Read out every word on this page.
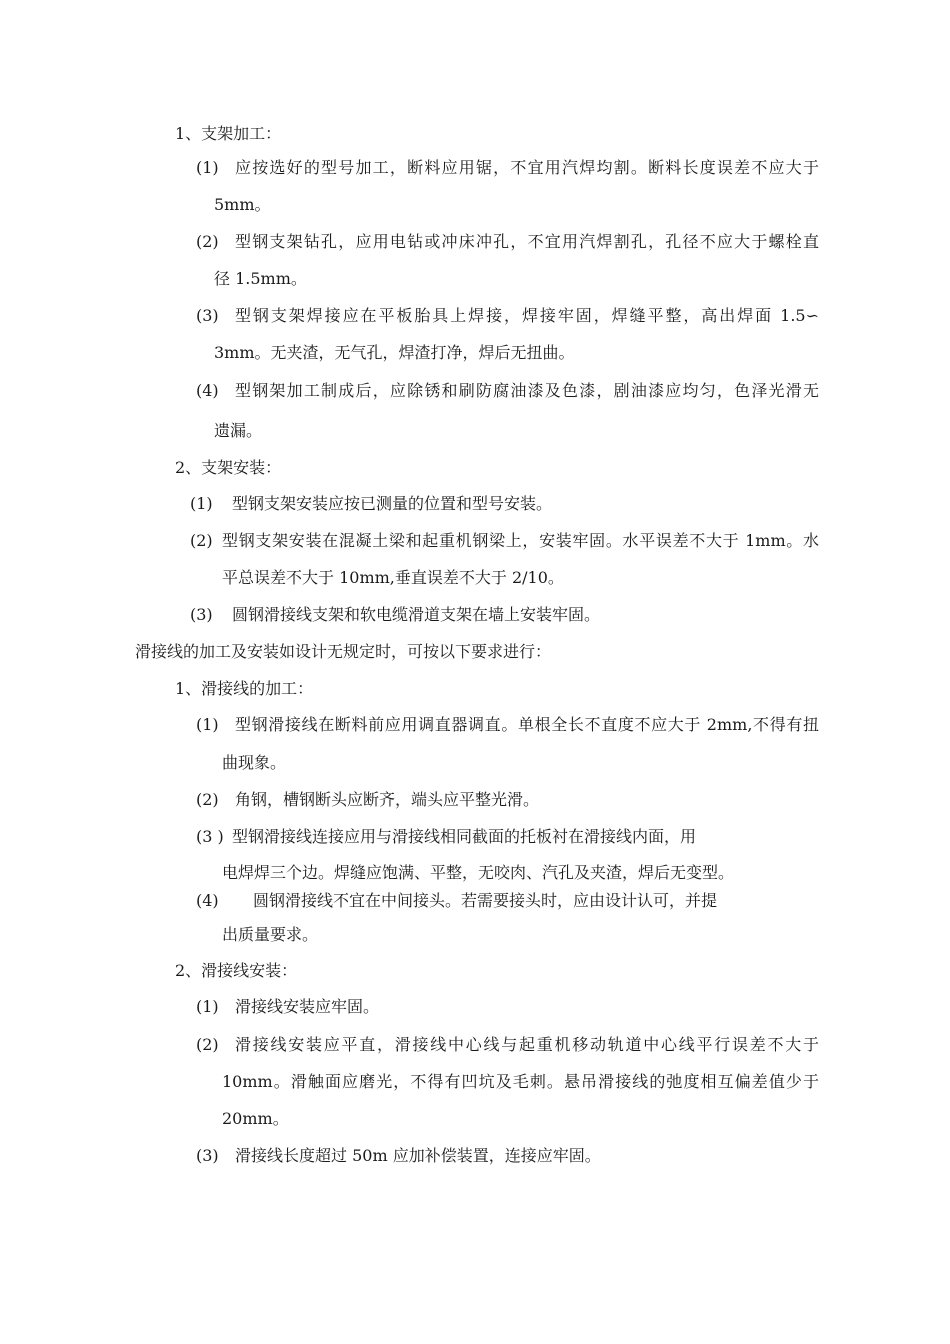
1、支架加工：
(1) 应按选好的型号加工，断料应用锯，不宜用汽焊均割。断料长度误差不应大于
5mm。
(2) 型钢支架钻孔，应用电钻或冲床冲孔，不宜用汽焊割孔，孔径不应大于螺栓直
径 1.5mm。
(3) 型钢支架焊接应在平板胎具上焊接，焊接牢固，焊缝平整，高出焊面 1.5∽
3mm。无夹渣，无气孔，焊渣打净，焊后无扭曲。
(4) 型钢架加工制成后，应除锈和刷防腐油漆及色漆，剧油漆应均匀，色泽光滑无
遗漏。
2、支架安装：
(1) 型钢支架安装应按已测量的位置和型号安装。
(2) 型钢支架安装在混凝土梁和起重机钢梁上，安装牢固。水平误差不大于 1mm。水
平总误差不大于 10mm,垂直误差不大于 2/10。
(3) 圆钢滑接线支架和软电缆滑道支架在墙上安装牢固。
滑接线的加工及安装如设计无规定时，可按以下要求进行：
1、滑接线的加工：
(1) 型钢滑接线在断料前应用调直器调直。单根全长不直度不应大于 2mm,不得有扭
曲现象。
(2) 角钢，槽钢断头应断齐，端头应平整光滑。
(3 ) 型钢滑接线连接应用与滑接线相同截面的托板衬在滑接线内面，用
电焊焊三个边。焊缝应饱满、平整，无咬肉、汽孔及夹渣，焊后无变型。
(4) 圆钢滑接线不宜在中间接头。若需要接头时，应由设计认可，并提
出质量要求。
2、滑接线安装：
(1) 滑接线安装应牢固。
(2) 滑接线安装应平直，滑接线中心线与起重机移动轨道中心线平行误差不大于
10mm。滑触面应磨光，不得有凹坑及毛刺。悬吊滑接线的弛度相互偏差值少于
20mm。
(3) 滑接线长度超过 50m 应加补偿装置，连接应牢固。
